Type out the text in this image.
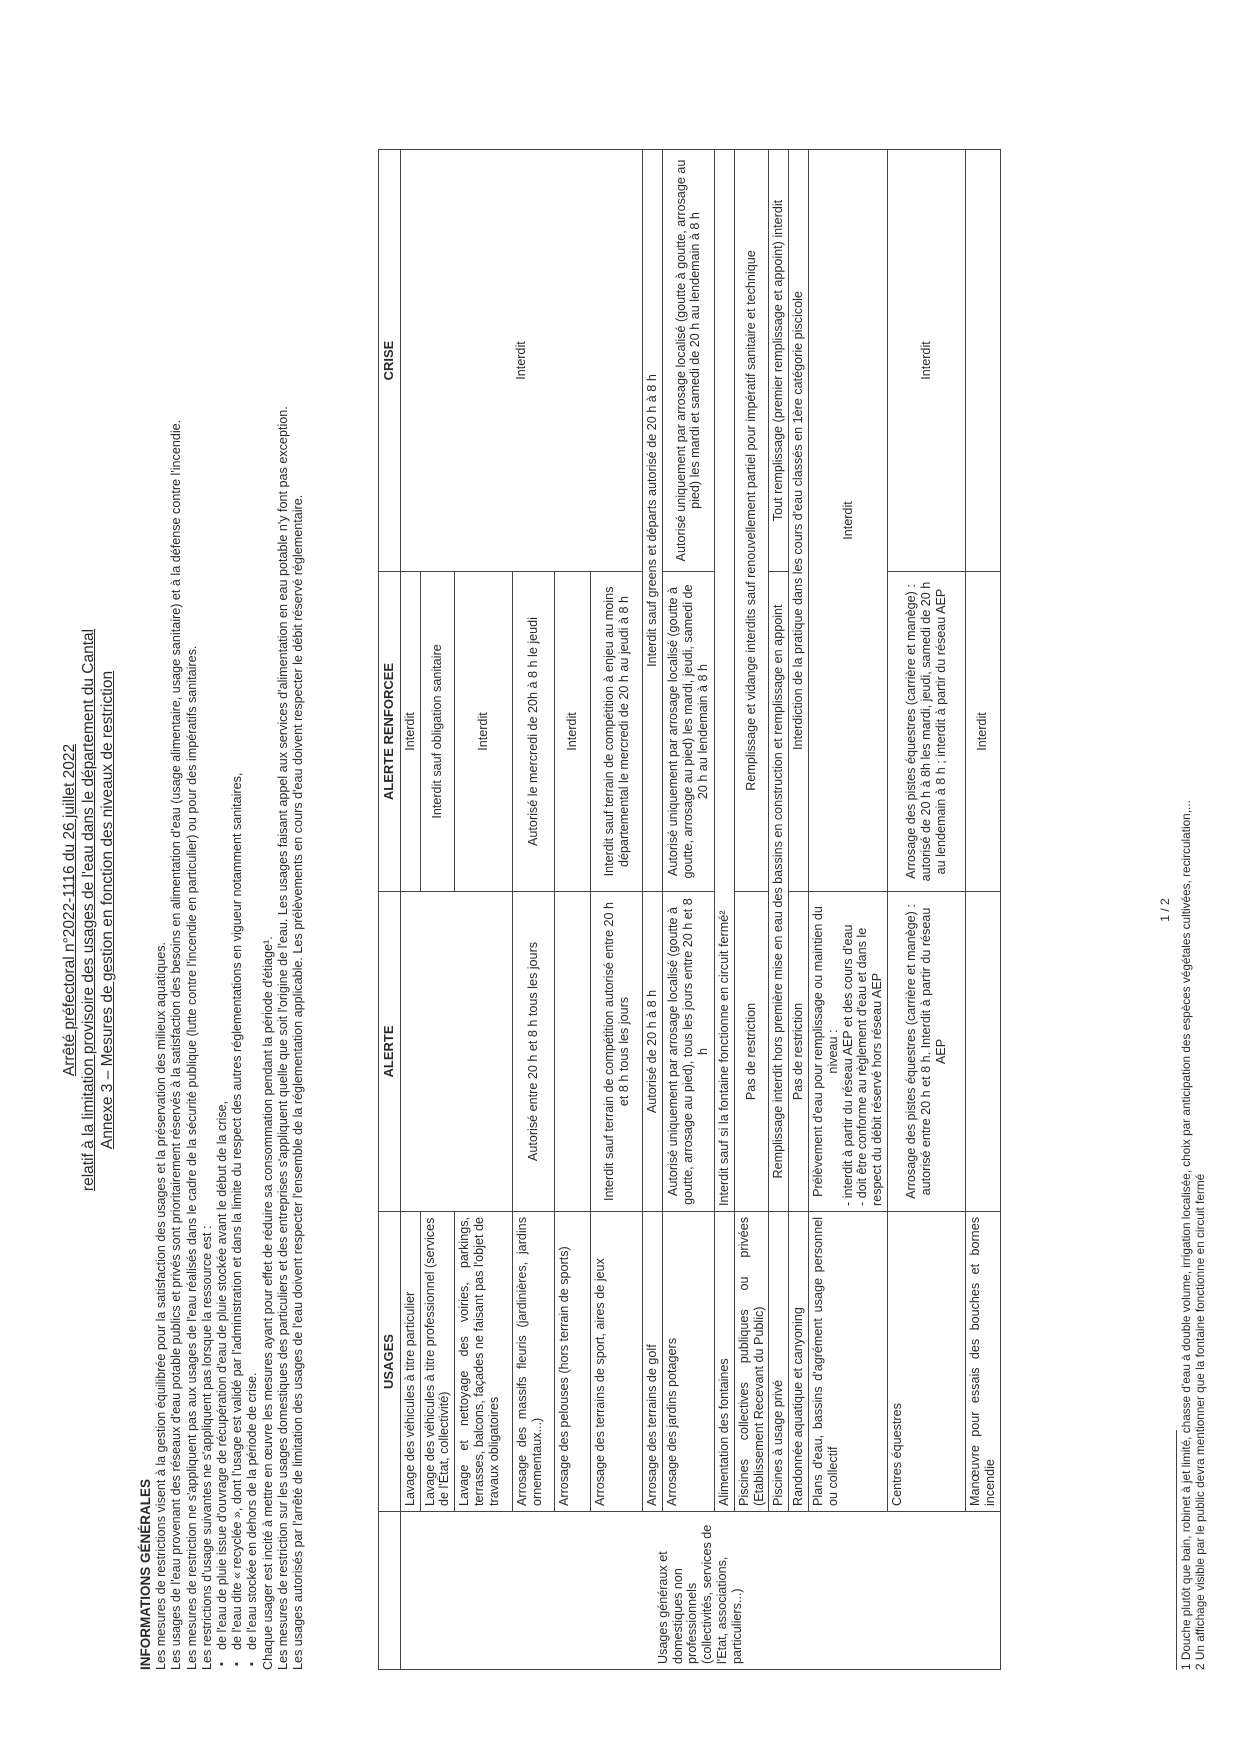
Arrêté préfectoral n°2022-1116 du 26 juillet 2022 relatif à la limitation provisoire des usages de l'eau dans le département du Cantal Annexe 3 – Mesures de gestion en fonction des niveaux de restriction

INFORMATIONS GÉNÉRALES Les mesures de restrictions visent à la gestion équilibrée pour la satisfaction des usages et la préservation des milieux aquatiques. Les usages de l'eau provenant des réseaux d'eau potable publics et privés sont prioritairement réservés à la satisfaction des besoins en alimentation d'eau (usage alimentaire, usage sanitaire) et à la défense contre l'incendie. Les mesures de restriction ne s'appliquent pas aux usages de l'eau réalisés dans le cadre de la sécurité publique (lutte contre l'incendie en particulier) ou pour des impératifs sanitaires. Les restrictions d'usage suivantes ne s'appliquent pas lorsque la ressource est : ▪ de l'eau de pluie issue d'ouvrage de récupération d'eau de pluie stockée avant le début de la crise, ▪ de l'eau dite « recyclée », dont l'usage est validé par l'administration et dans la limite du respect des autres réglementations en vigueur notamment sanitaires, ▪ de l'eau stockée en dehors de la période de crise. Chaque usager est incité à mettre en œuvre les mesures ayant pour effet de réduire sa consommation pendant la période d'étiage¹. Les mesures de restriction sur les usages domestiques des particuliers et des entreprises s'appliquent quelle que soit l'origine de l'eau. Les usages faisant appel aux services d'alimentation en eau potable n'y font pas exception. Les usages autorisés par l'arrêté de limitation des usages de l'eau doivent respecter l'ensemble de la réglementation applicable. Les prélèvements en cours d'eau doivent respecter le débit réservé réglementaire.

		USAGES	ALERTE	ALERTE RENFORCEE	CRISE
Usages généraux et domestiques non professionnels (collectivités, services de l'Etat, associations, particuliers...)	Lavage des véhicules à titre particulier		Interdit	Interdit
	Lavage des véhicules à titre professionnel (services de l'État, collectivité)		Interdit sauf obligation sanitaire	
	Lavage et nettoyage des voiries, parkings, terrasses, balcons, façades ne faisant pas l'objet de travaux obligatoires		Interdit	
	Arrosage des massifs fleuris (jardinières, jardins ornementaux...)	Autorisé entre 20 h et 8 h tous les jours	Autorisé le mercredi de 20h à 8 h le jeudi	
	Arrosage des pelouses (hors terrain de sports)		Interdit	
	Arrosage des terrains de sport, aires de jeux	Interdit sauf terrain de compétition autorisé entre 20 h et 8 h tous les jours	Interdit sauf terrain de compétition à enjeu au moins départemental le mercredi de 20 h au jeudi à 8 h	
	Arrosage des terrains de golf	Autorisé de 20 h à 8 h	Interdit sauf greens et départs autorisé de 20 h à 8 h	
	Arrosage des jardins potagers	Autorisé uniquement par arrosage localisé (goutte à goutte, arrosage au pied), tous les jours entre 20 h et 8 h	Autorisé uniquement par arrosage localisé (goutte à goutte, arrosage au pied) les mardi, jeudi, samedi de 20 h au lendemain à 8 h	Autorisé uniquement par arrosage localisé (goutte à goutte, arrosage au pied) les mardi et samedi de 20 h au lendemain à 8 h
	Alimentation des fontaines	Interdit sauf si la fontaine fonctionne en circuit fermé²		
	Piscines collectives publiques ou privées (Etablissement Recevant du Public)	Pas de restriction	Remplissage et vidange interdits sauf renouvellement partiel pour impératif sanitaire et technique	
	Piscines à usage privé	Remplissage interdit hors première mise en eau des bassins en construction et remplissage en appoint		Tout remplissage (premier remplissage et appoint) interdit
	Randonnée aquatique et canyoning	Pas de restriction	Interdiction de la pratique dans les cours d'eau classés en 1ère catégorie piscicole	
	Plans d'eau, bassins d'agrément usage personnel ou collectif	Prélèvement d'eau pour remplissage ou maintien du niveau : - interdit à partir du réseau AEP et des cours d'eau - doit être conforme au règlement d'eau et dans le respect du débit réservé hors réseau AEP	Interdit	
	Centres équestres	Arrosage des pistes équestres (carrière et manège) : autorisé entre 20 h et 8 h. Interdit à partir du réseau AEP	Arrosage des pistes équestres (carrière et manège) : autorisé de 20 h à 8h les mardi, jeudi, samedi de 20 h au lendemain à 8 h ; interdit à partir du réseau AEP	Interdit
	Manœuvre pour essais des bouches et bornes incendie		Interdit	
1 / 2 1 Douche plutôt que bain, robinet à jet limité, chasse d'eau à double volume, irrigation localisée, choix par anticipation des espèces végétales cultivées, recirculation,... 2 Un affichage visible par le public devra mentionner que la fontaine fonctionne en circuit fermé
